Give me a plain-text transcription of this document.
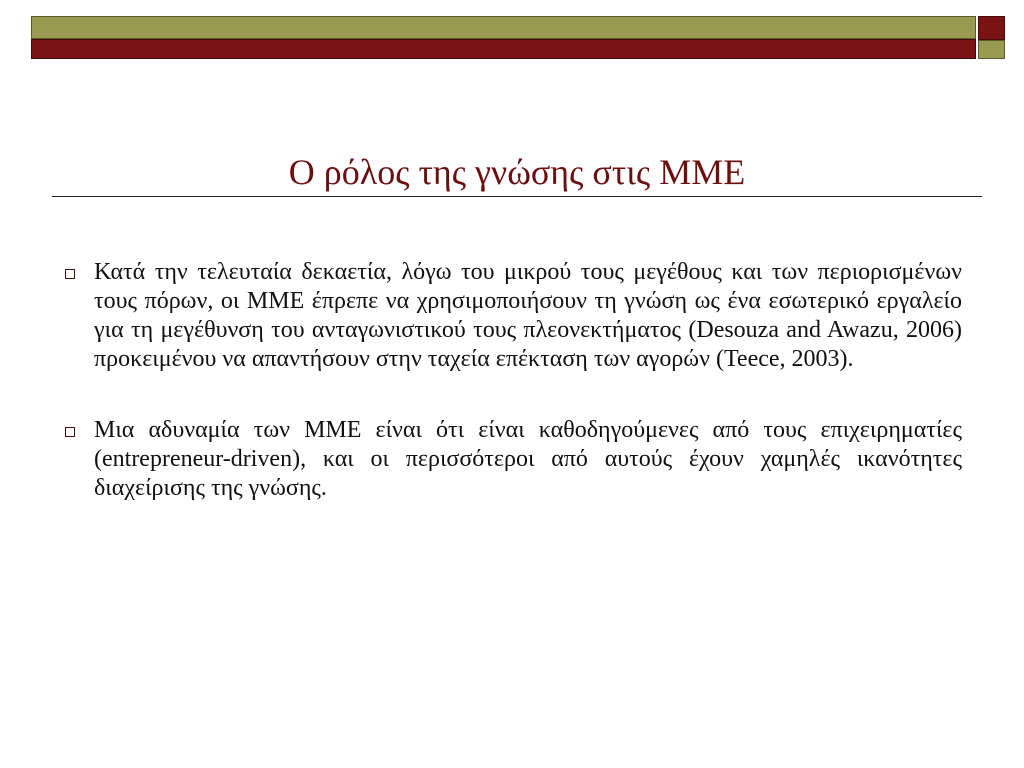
Ο ρόλος της γνώσης στις ΜΜΕ
Κατά την τελευταία δεκαετία, λόγω του μικρού τους μεγέθους και των περιορισμένων τους πόρων, οι ΜΜΕ έπρεπε να χρησιμοποιήσουν τη γνώση ως ένα εσωτερικό εργαλείο για τη μεγέθυνση του ανταγωνιστικού τους πλεονεκτήματος (Desouza and Awazu, 2006) προκειμένου να απαντήσουν στην ταχεία επέκταση των αγορών (Teece, 2003).
Μια αδυναμία των ΜΜΕ είναι ότι είναι καθοδηγούμενες από τους επιχειρηματίες (entrepreneur-driven), και οι περισσότεροι από αυτούς έχουν χαμηλές ικανότητες διαχείρισης της γνώσης.
